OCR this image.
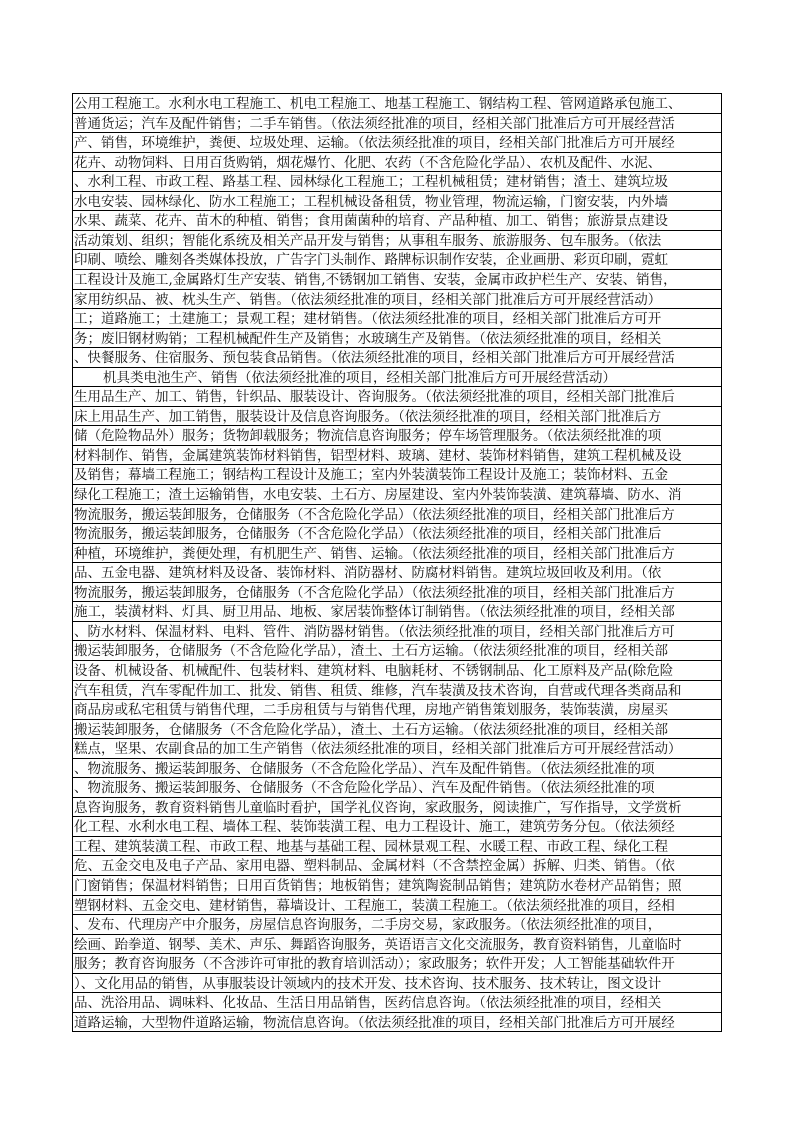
公用工程施工。水利水电工程施工、机电工程施工、地基工程施工、钢结构工程、管网道路承包施工、
普通货运；汽车及配件销售；二手车销售。（依法须经批准的项目，经相关部门批准后方可开展经营活
产、销售，环境维护，粪便、垃圾处理、运输。（依法须经批准的项目，经相关部门批准后方可开展经
花卉、动物饲料、日用百货购销，烟花爆竹、化肥、农药（不含危险化学品）、农机及配件、水泥、
、水利工程、市政工程、路基工程、园林绿化工程施工；工程机械租赁；建材销售；渣土、建筑垃圾
水电安装、园林绿化、防水工程施工；工程机械设备租赁，物业管理，物流运输，门窗安装，内外墙
水果、蔬菜、花卉、苗木的种植、销售；食用菌菌种的培育、产品种植、加工、销售；旅游景点建设
活动策划、组织；智能化系统及相关产品开发与销售；从事租车服务、旅游服务、包车服务。（依法
印刷、喷绘、雕刻各类媒体投放，广告字门头制作、路牌标识制作安装，企业画册、彩页印刷，霓虹
工程设计及施工,金属路灯生产安装、销售,不锈钢加工销售、安装，金属市政护栏生产、安装、销售，
家用纺织品、被、枕头生产、销售。（依法须经批准的项目，经相关部门批准后方可开展经营活动）
工；道路施工；土建施工；景观工程；建材销售。（依法须经批准的项目，经相关部门批准后方可开
务；废旧钢材购销；工程机械配件生产及销售；水玻璃生产及销售。（依法须经批准的项目，经相关
、快餐服务、住宿服务、预包装食品销售。（依法须经批准的项目，经相关部门批准后方可开展经营活
机具类电池生产、销售（依法须经批准的项目，经相关部门批准后方可开展经营活动）
生用品生产、加工、销售，针织品、服装设计、咨询服务。（依法须经批准的项目，经相关部门批准后
床上用品生产、加工销售，服装设计及信息咨询服务。（依法须经批准的项目，经相关部门批准后方
储（危险物品外）服务；货物卸载服务；物流信息咨询服务；停车场管理服务。（依法须经批准的项
材料制作、销售，金属建筑装饰材料销售，铝型材料、玻璃、建材、装饰材料销售，建筑工程机械及设
及销售；幕墙工程施工；钢结构工程设计及施工；室内外装潢装饰工程设计及施工；装饰材料、五金
绿化工程施工；渣土运输销售，水电安装、土石方、房屋建设、室内外装饰装潢、建筑幕墙、防水、消
物流服务，搬运装卸服务，仓储服务（不含危险化学品）（依法须经批准的项目，经相关部门批准后方
物流服务，搬运装卸服务，仓储服务（不含危险化学品）（依法须经批准的项目，经相关部门批准后
种植，环境维护，粪便处理，有机肥生产、销售、运输。（依法须经批准的项目，经相关部门批准后方
品、五金电器、建筑材料及设备、装饰材料、消防器材、防腐材料销售。建筑垃圾回收及利用。（依
物流服务，搬运装卸服务，仓储服务（不含危险化学品）（依法须经批准的项目，经相关部门批准后方
施工，装潢材料、灯具、厨卫用品、地板、家居装饰整体订制销售。（依法须经批准的项目，经相关部
、防水材料、保温材料、电料、管件、消防器材销售。（依法须经批准的项目，经相关部门批准后方可
搬运装卸服务，仓储服务（不含危险化学品），渣土、土石方运输。（依法须经批准的项目，经相关部
设备、机械设备、机械配件、包装材料、建筑材料、电脑耗材、不锈钢制品、化工原料及产品(除危险
汽车租赁，汽车零配件加工、批发、销售、租赁、维修，汽车装潢及技术咨询，自营或代理各类商品和
商品房或私宅租赁与销售代理，二手房租赁与与销售代理，房地产销售策划服务，装饰装潢，房屋买
搬运装卸服务，仓储服务（不含危险化学品），渣土、土石方运输。（依法须经批准的项目，经相关部
糕点，坚果、农副食品的加工生产销售（依法须经批准的项目，经相关部门批准后方可开展经营活动）
、物流服务、搬运装卸服务、仓储服务（不含危险化学品）、汽车及配件销售。（依法须经批准的项
、物流服务、搬运装卸服务、仓储服务（不含危险化学品）、汽车及配件销售。（依法须经批准的项
息咨询服务，教育资料销售儿童临时看护，国学礼仪咨询，家政服务，阅读推广，写作指导，文学赏析
化工程、水利水电工程、墙体工程、装饰装潢工程、电力工程设计、施工，建筑劳务分包。（依法须经
工程、建筑装潢工程、市政工程、地基与基础工程、园林景观工程、水暖工程、市政工程、绿化工程
危、五金交电及电子产品、家用电器、塑料制品、金属材料（不含禁控金属）拆解、归类、销售。（依
门窗销售；保温材料销售；日用百货销售；地板销售；建筑陶瓷制品销售；建筑防水卷材产品销售；照
塑钢材料、五金交电、建材销售，幕墙设计、工程施工，装潢工程施工。（依法须经批准的项目，经相
、发布、代理房产中介服务，房屋信息咨询服务，二手房交易，家政服务。（依法须经批准的项目，
绘画、跆拳道、钢琴、美术、声乐、舞蹈咨询服务，英语语言文化交流服务，教育资料销售，儿童临时
服务；教育咨询服务（不含涉许可审批的教育培训活动）；家政服务；软件开发；人工智能基础软件开
）、文化用品的销售，从事服装设计领域内的技术开发、技术咨询、技术服务、技术转让，图文设计
品、洗浴用品、调味料、化妆品、生活日用品销售，医药信息咨询。（依法须经批准的项目，经相关
道路运输，大型物件道路运输，物流信息咨询。（依法须经批准的项目，经相关部门批准后方可开展经
